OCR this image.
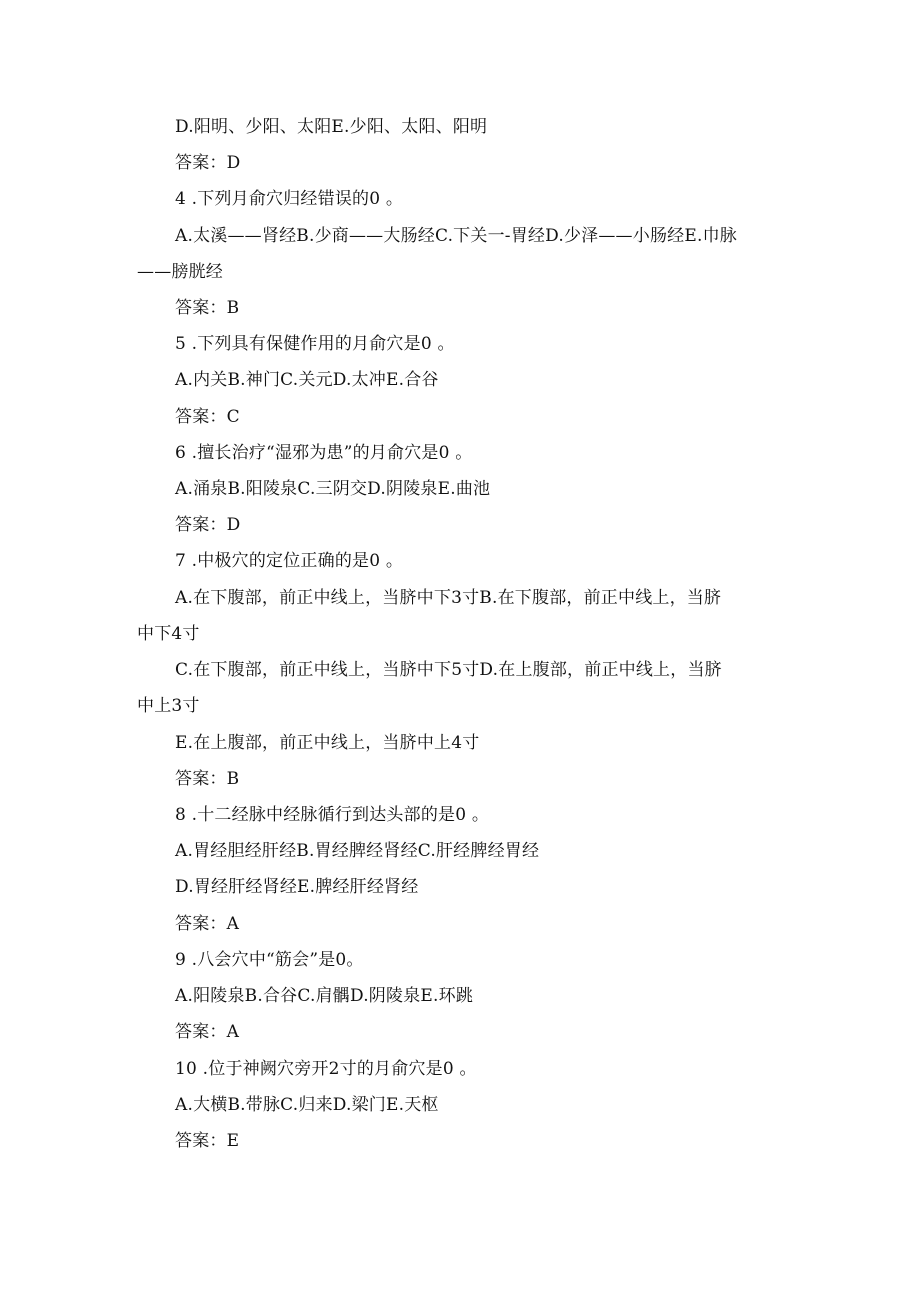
D.阳明、少阳、太阳E.少阳、太阳、阳明
答案：D
4 .下列月俞穴归经错误的0 。
A.太溪——肾经B.少商——大肠经C.下关一-胃经D.少泽——小肠经E.巾脉
——膀胱经
答案：B
5 .下列具有保健作用的月俞穴是0 。
A.内关B.神门C.关元D.太冲E.合谷
答案：C
6 .擅长治疗“湿邪为患”的月俞穴是0 。
A.涌泉B.阳陵泉C.三阴交D.阴陵泉E.曲池
答案：D
7 .中极穴的定位正确的是0 。
A.在下腹部，前正中线上，当脐中下3寸B.在下腹部，前正中线上，当脐
中下4寸
C.在下腹部，前正中线上，当脐中下5寸D.在上腹部，前正中线上，当脐
中上3寸
E.在上腹部，前正中线上，当脐中上4寸
答案：B
8 .十二经脉中经脉循行到达头部的是0 。
A.胃经胆经肝经B.胃经脾经肾经C.肝经脾经胃经
D.胃经肝经肾经E.脾经肝经肾经
答案：A
9 .八会穴中“筋会”是0。
A.阳陵泉B.合谷C.肩髃D.阴陵泉E.环跳
答案：A
10 .位于神阙穴旁开2寸的月俞穴是0 。
A.大横B.带脉C.归来D.梁门E.天枢
答案：E
